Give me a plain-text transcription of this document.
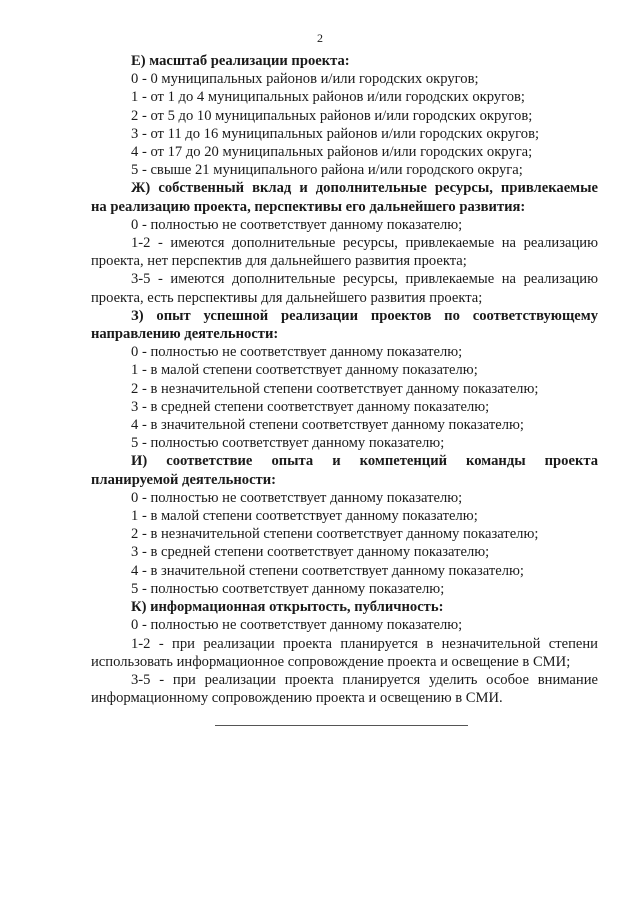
2
Е) масштаб реализации проекта:
0 - 0 муниципальных районов и/или городских округов;
1 - от 1 до 4 муниципальных районов и/или городских округов;
2 - от 5 до 10 муниципальных районов и/или городских округов;
3 - от 11 до 16 муниципальных районов и/или городских округов;
4 - от 17 до 20 муниципальных районов и/или городских округа;
5 - свыше 21 муниципального района и/или городского округа;
Ж) собственный вклад и дополнительные ресурсы, привлекаемые
на реализацию проекта, перспективы его дальнейшего развития:
0 - полностью не соответствует данному показателю;
1-2 - имеются дополнительные ресурсы, привлекаемые на реализацию
проекта, нет перспектив для дальнейшего развития проекта;
3-5 - имеются дополнительные ресурсы, привлекаемые на реализацию
проекта, есть перспективы для дальнейшего развития проекта;
З) опыт успешной реализации проектов по соответствующему
направлению деятельности:
0 - полностью не соответствует данному показателю;
1 - в малой степени соответствует данному показателю;
2 - в незначительной степени соответствует данному показателю;
3 - в средней степени соответствует данному показателю;
4 - в значительной степени соответствует данному показателю;
5 - полностью соответствует данному показателю;
И) соответствие опыта и компетенций команды проекта
планируемой деятельности:
0 - полностью не соответствует данному показателю;
1 - в малой степени соответствует данному показателю;
2 - в незначительной степени соответствует данному показателю;
3 - в средней степени соответствует данному показателю;
4 - в значительной степени соответствует данному показателю;
5 - полностью соответствует данному показателю;
К) информационная открытость, публичность:
0 - полностью не соответствует данному показателю;
1-2 - при реализации проекта планируется в незначительной степени
использовать информационное сопровождение проекта и освещение в СМИ;
3-5 - при реализации проекта планируется уделить особое внимание
информационному сопровождению проекта и освещению в СМИ.
